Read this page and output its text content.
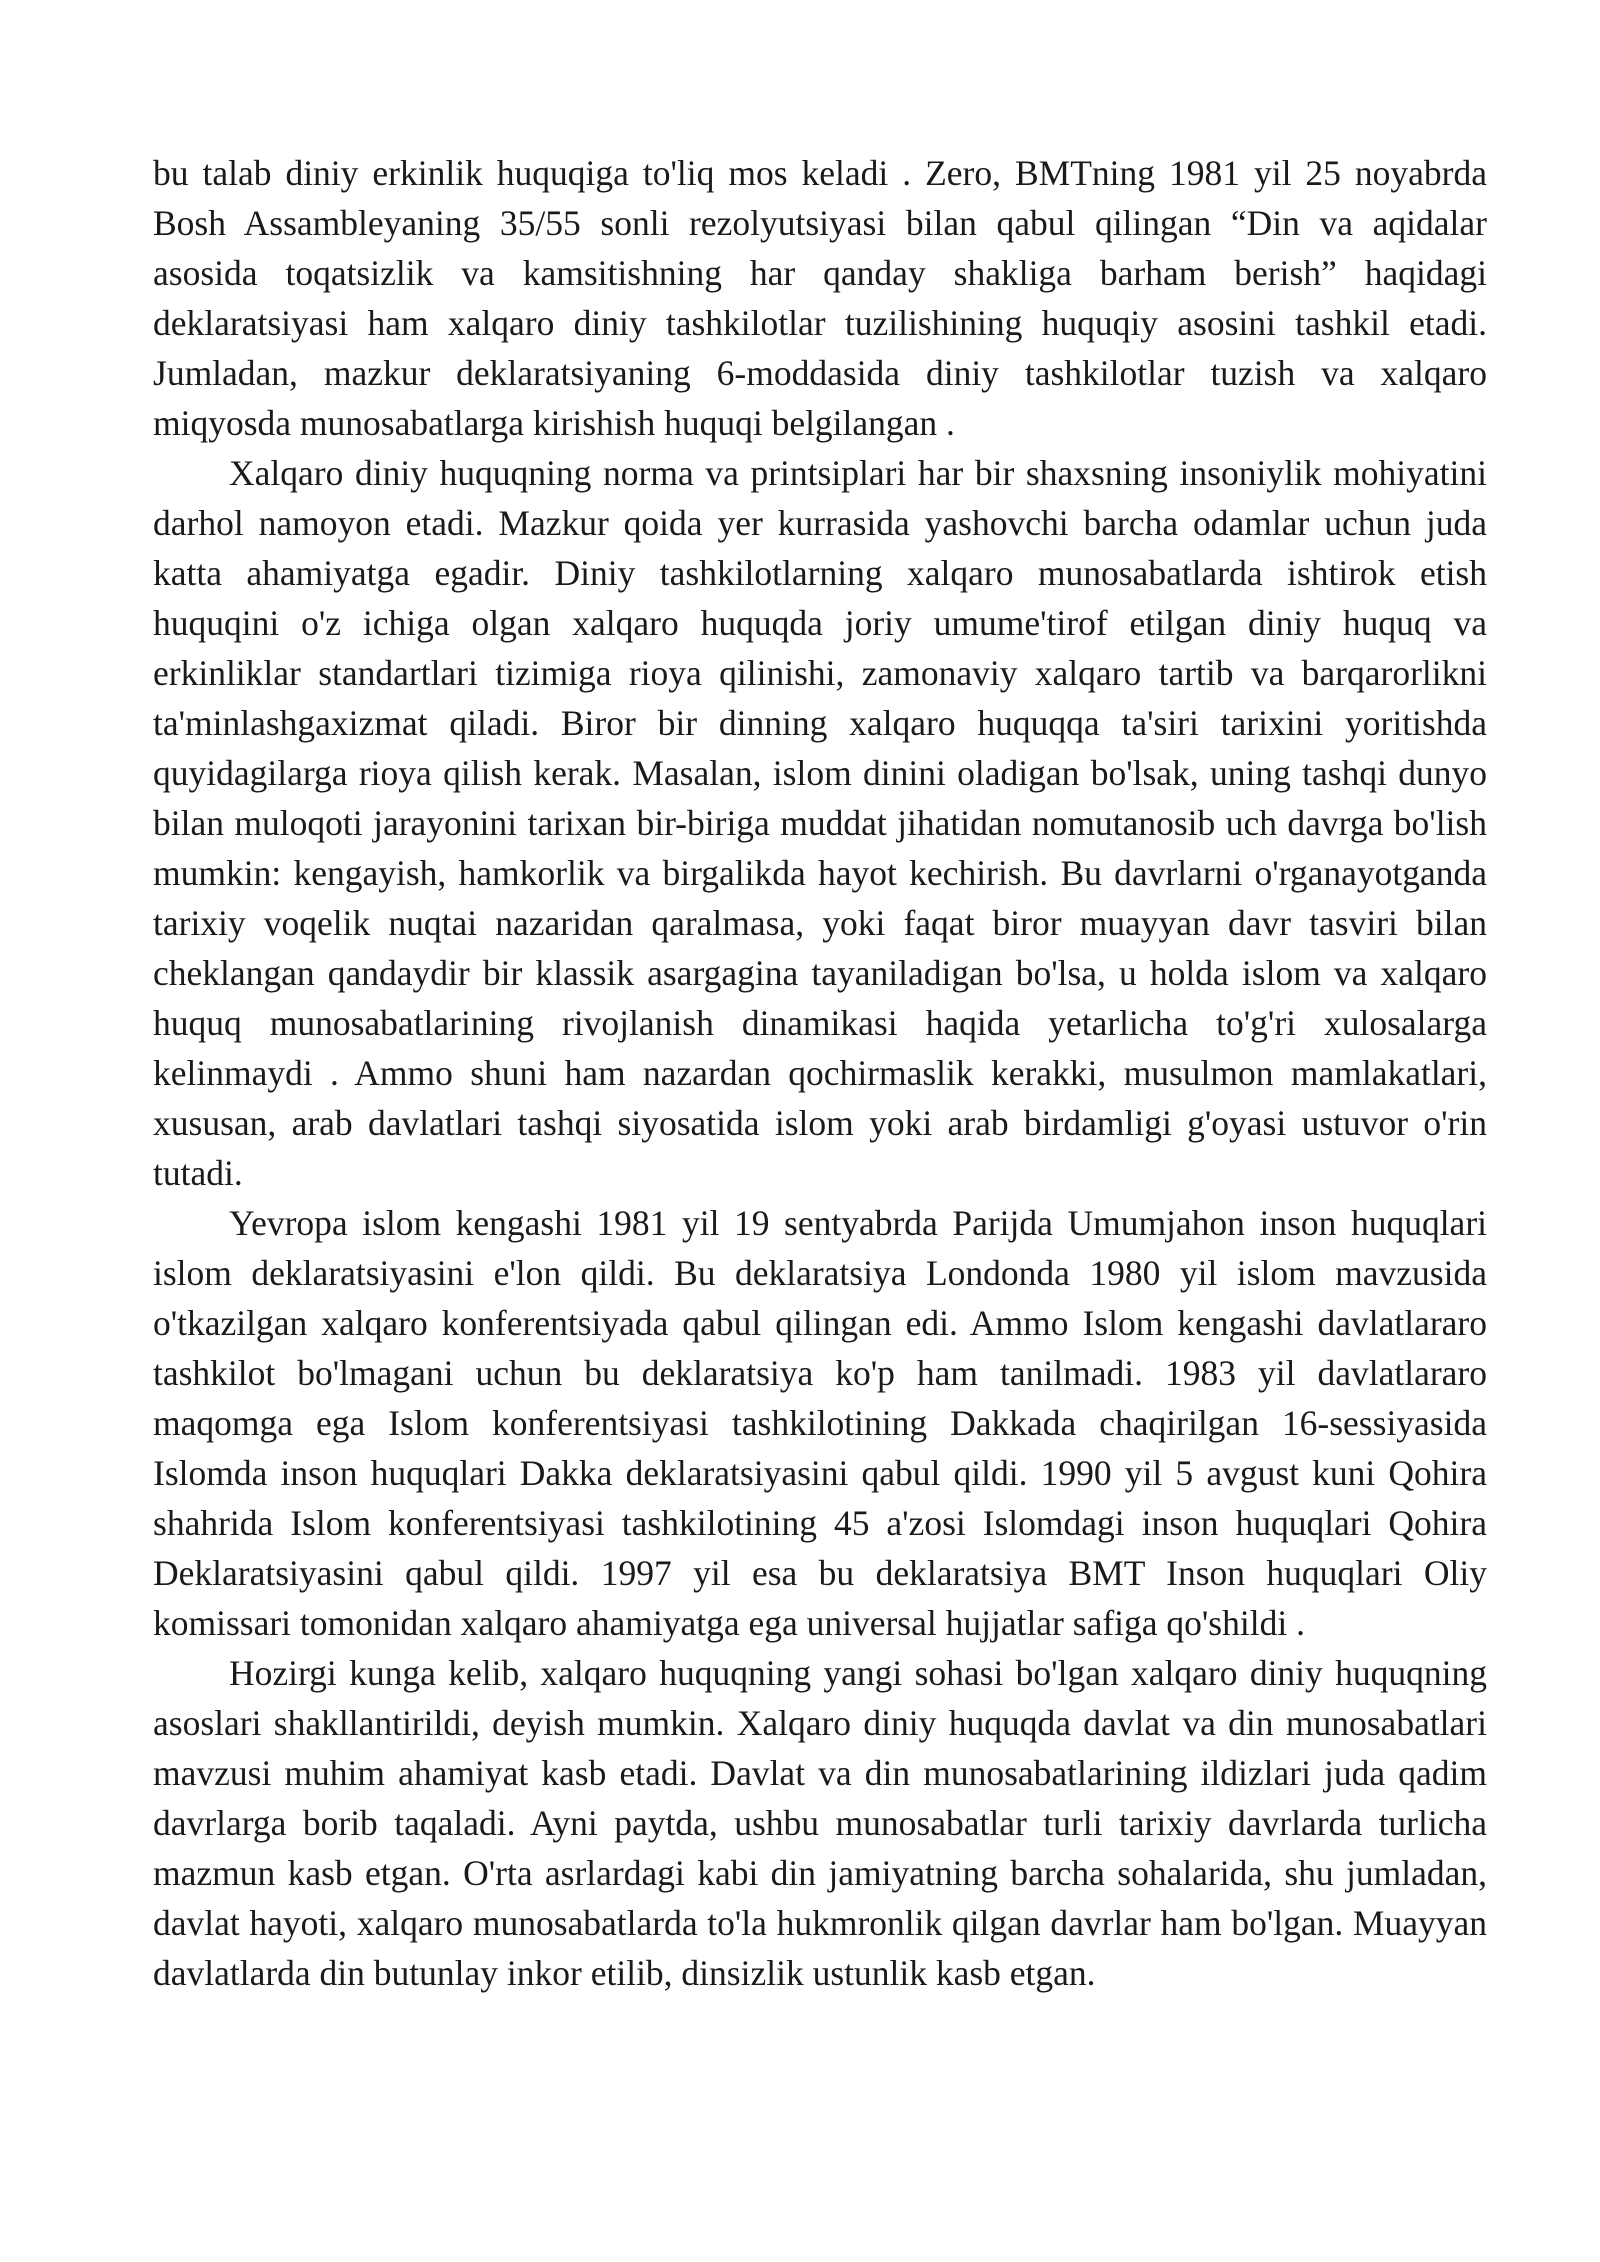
bu talab diniy erkinlik huquqiga to'liq mos keladi . Zero, BMTning 1981 yil 25 noyabrda Bosh Assambleyaning 35/55 sonli rezolyutsiyasi bilan qabul qilingan “Din va aqidalar asosida toqatsizlik va kamsitishning har qanday shakliga barham berish” haqidagi deklaratsiyasi ham xalqaro diniy tashkilotlar tuzilishining huquqiy asosini tashkil etadi. Jumladan, mazkur deklaratsiyaning 6-moddasida diniy tashkilotlar tuzish va xalqaro miqyosda munosabatlarga kirishish huquqi belgilangan .

Xalqaro diniy huquqning norma va printsiplari har bir shaxsning insoniylik mohiyatini darhol namoyon etadi. Mazkur qoida yer kurrasida yashovchi barcha odamlar uchun juda katta ahamiyatga egadir. Diniy tashkilotlarning xalqaro munosabatlarda ishtirok etish huquqini o'z ichiga olgan xalqaro huquqda joriy umume'tirof etilgan diniy huquq va erkinliklar standartlari tizimiga rioya qilinishi, zamonaviy xalqaro tartib va barqarorlikni ta'minlashgaxizmat qiladi. Biror bir dinning xalqaro huquqqa ta'siri tarixini yoritishda quyidagilarga rioya qilish kerak. Masalan, islom dinini oladigan bo'lsak, uning tashqi dunyo bilan muloqoti jarayonini tarixan bir-biriga muddat jihatidan nomutanosib uch davrga bo'lish mumkin: kengayish, hamkorlik va birgalikda hayot kechirish. Bu davrlarni o'rganayotganda tarixiy voqelik nuqtai nazaridan qaralmasa, yoki faqat biror muayyan davr tasviri bilan cheklangan qandaydir bir klassik asargagina tayaniladigan bo'lsa, u holda islom va xalqaro huquq munosabatlarining rivojlanish dinamikasi haqida yetarlicha to'g'ri xulosalarga kelinmaydi . Ammo shuni ham nazardan qochirmaslik kerakki, musulmon mamlakatlari, xususan, arab davlatlari tashqi siyosatida islom yoki arab birdamligi g'oyasi ustuvor o'rin tutadi.

Yevropa islom kengashi 1981 yil 19 sentyabrda Parijda Umumjahon inson huquqlari islom deklaratsiyasini e'lon qildi. Bu deklaratsiya Londonda 1980 yil islom mavzusida o'tkazilgan xalqaro konferentsiyada qabul qilingan edi. Ammo Islom kengashi davlatlararo tashkilot bo'lmagani uchun bu deklaratsiya ko'p ham tanilmadi. 1983 yil davlatlararo maqomga ega Islom konferentsiyasi tashkilotining Dakkada chaqirilgan 16-sessiyasida Islomda inson huquqlari Dakka deklaratsiyasini qabul qildi. 1990 yil 5 avgust kuni Qohira shahrida Islom konferentsiyasi tashkilotining 45 a'zosi Islomdagi inson huquqlari Qohira Deklaratsiyasini qabul qildi. 1997 yil esa bu deklaratsiya BMT Inson huquqlari Oliy komissari tomonidan xalqaro ahamiyatga ega universal hujjatlar safiga qo'shildi .

Hozirgi kunga kelib, xalqaro huquqning yangi sohasi bo'lgan xalqaro diniy huquqning asoslari shakllantirildi, deyish mumkin. Xalqaro diniy huquqda davlat va din munosabatlari mavzusi muhim ahamiyat kasb etadi. Davlat va din munosabatlarining ildizlari juda qadim davrlarga borib taqaladi. Ayni paytda, ushbu munosabatlar turli tarixiy davrlarda turlicha mazmun kasb etgan. O'rta asrlardagi kabi din jamiyatning barcha sohalarida, shu jumladan, davlat hayoti, xalqaro munosabatlarda to'la hukmronlik qilgan davrlar ham bo'lgan. Muayyan davlatlarda din butunlay inkor etilib, dinsizlik ustunlik kasb etgan.
